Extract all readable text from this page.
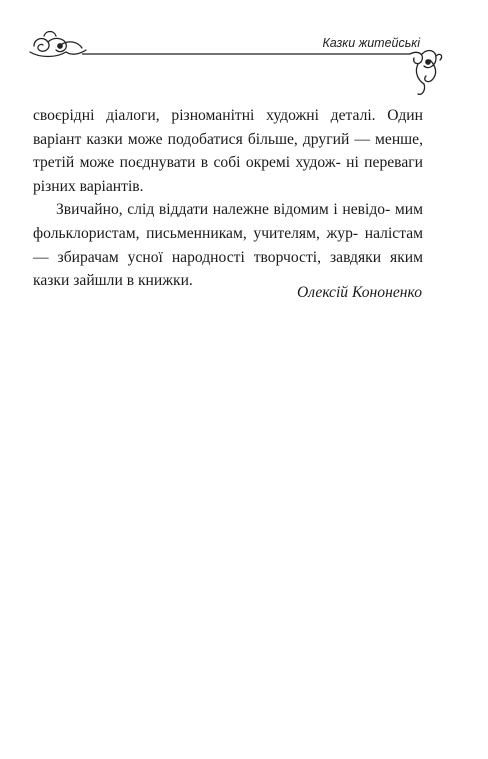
Казки житейські

своєрідні діалоги, різноманітні художні деталі. Один варіант казки може подобатися більше, другий — менше, третій може поєднувати в собі окремі худож- ні переваги різних варіантів.

Звичайно, слід віддати належне відомим і невідо- мим фольклористам, письменникам, учителям, жур- налістам — збирачам усної народності творчості, завдяки яким казки зайшли в книжки.

Олексій Кононенко
